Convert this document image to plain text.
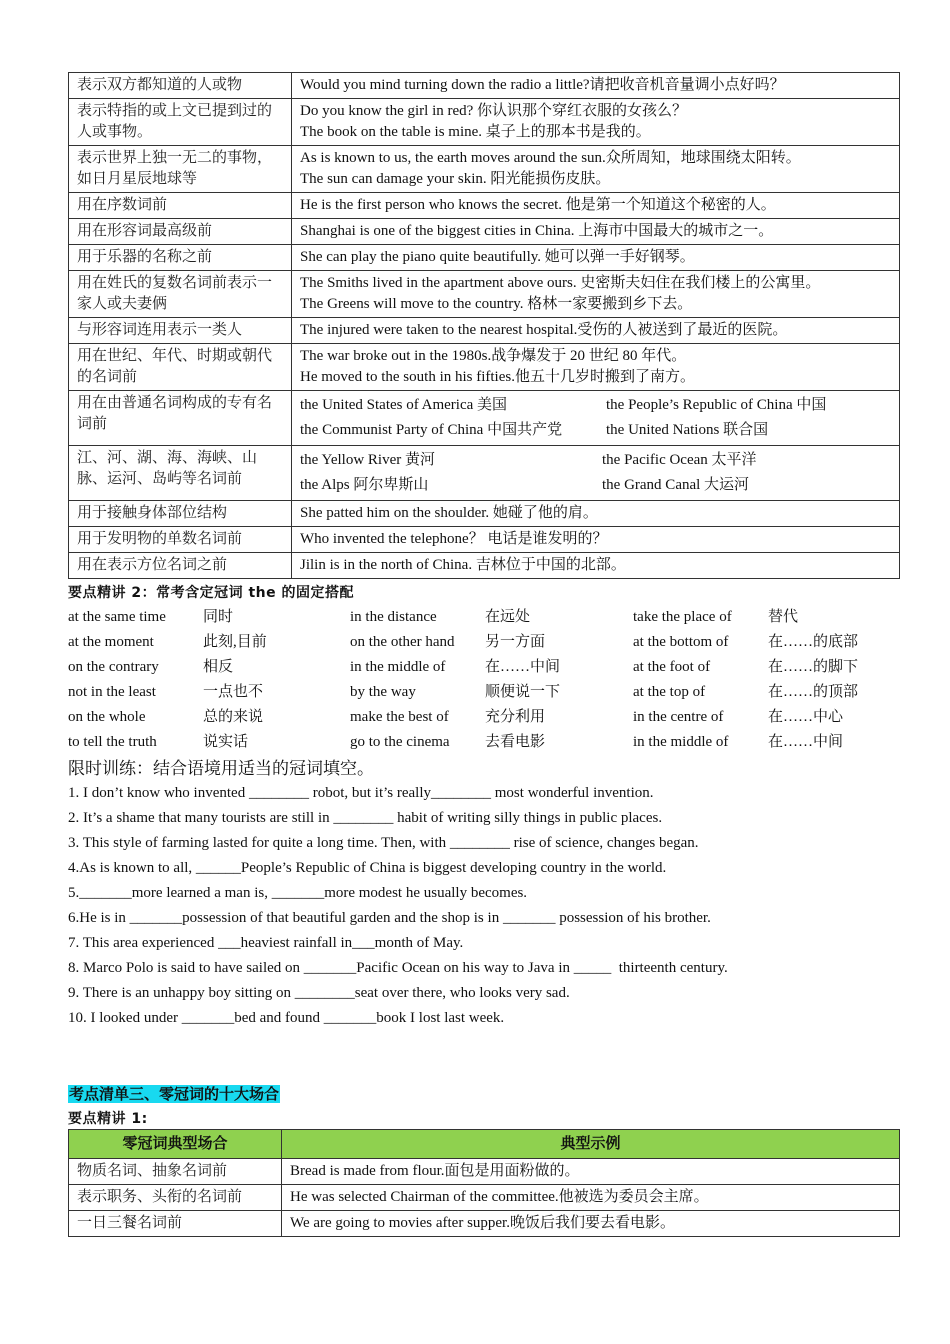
表示双方都知道的人或物	Would you mind turning down the radio a little?请把收音机音量调小点好吗？

表示特指的或上文已提到过的人或事物。	Do you know the girl in red? 你认识那个穿红衣服的女孩么？
The book on the table is mine. 桌子上的那本书是我的。

表示世界上独一无二的事物，如日月星辰地球等	As is known to us, the earth moves around the sun.众所周知，地球围绕太阳转。
The sun can damage your skin. 阳光能损伤皮肤。

用在序数词前	He is the first person who knows the secret. 他是第一个知道这个秘密的人。

用在形容词最高级前	Shanghai is one of the biggest cities in China. 上海市中国最大的城市之一。

用于乐器的名称之前	She can play the piano quite beautifully. 她可以弹一手好钢琴。

用在姓氏的复数名词前表示一家人或夫妻俩	The Smiths lived in the apartment above ours. 史密斯夫妇住在我们楼上的公寓里。
The Greens will move to the country. 格林一家要搬到乡下去。

与形容词连用表示一类人	The injured were taken to the nearest hospital.受伤的人被送到了最近的医院。

用在世纪、年代、时期或朝代的名词前	The war broke out in the 1980s.战争爆发于 20 世纪 80 年代。
He moved to the south in his fifties.他五十几岁时搬到了南方。

用在由普通名词构成的专有名词前	the United States of America 美国 the People’s Republic of China 中国
the Communist Party of China 中国共产党 the United Nations 联合国

江、河、湖、海、海峡、山脉、运河、岛屿等名词前	the Yellow River 黄河 the Pacific Ocean 太平洋
the Alps 阿尔卑斯山 the Grand Canal 大运河

用于接触身体部位结构	She patted him on the shoulder. 她碰了他的肩。

用于发明物的单数名词前	Who invented the telephone？ 电话是谁发明的？

用在表示方位名词之前	Jilin is in the north of China. 吉林位于中国的北部。
要点精讲 2：常考含定冠词 the 的固定搭配
at the same time	同时	in the distance	在远处	take the place of	替代
at the moment	此刻,目前	on the other hand	另一方面	at the bottom of	在……的底部
on the contrary	相反	in the middle of	在……中间	at the foot of	在……的脚下
not in the least	一点也不	by the way	顺便说一下	at the top of	在……的顶部
on the whole	总的来说	make the best of	充分利用	in the centre of	在……中心
to tell the truth	说实话	go to the cinema	去看电影	in the middle of	在……中间
限时训练：结合语境用适当的冠词填空。
1. I don’t know who invented ________ robot, but it’s really________ most wonderful invention.
2. It’s a shame that many tourists are still in ________ habit of writing silly things in public places.
3. This style of farming lasted for quite a long time. Then, with ________ rise of science, changes began.
4.As is known to all, ______People’s Republic of China is biggest developing country in the world.
5._______more learned a man is, _______more modest he usually becomes.
6.He is in _______possession of that beautiful garden and the shop is in _______ possession of his brother.
7. This area experienced ___heaviest rainfall in___month of May.
8. Marco Polo is said to have sailed on _______Pacific Ocean on his way to Java in _____  thirteenth century.
9. There is an unhappy boy sitting on ________seat over there, who looks very sad.
10. I looked under _______bed and found _______book I lost last week.
考点清单三、零冠词的十大场合
要点精讲 1:
零冠词典型场合	典型示例
物质名词、抽象名词前	Bread is made from flour.面包是用面粉做的。
表示职务、头衔的名词前	He was selected Chairman of the committee.他被选为委员会主席。
一日三餐名词前	We are going to movies after supper.晚饭后我们要去看电影。
